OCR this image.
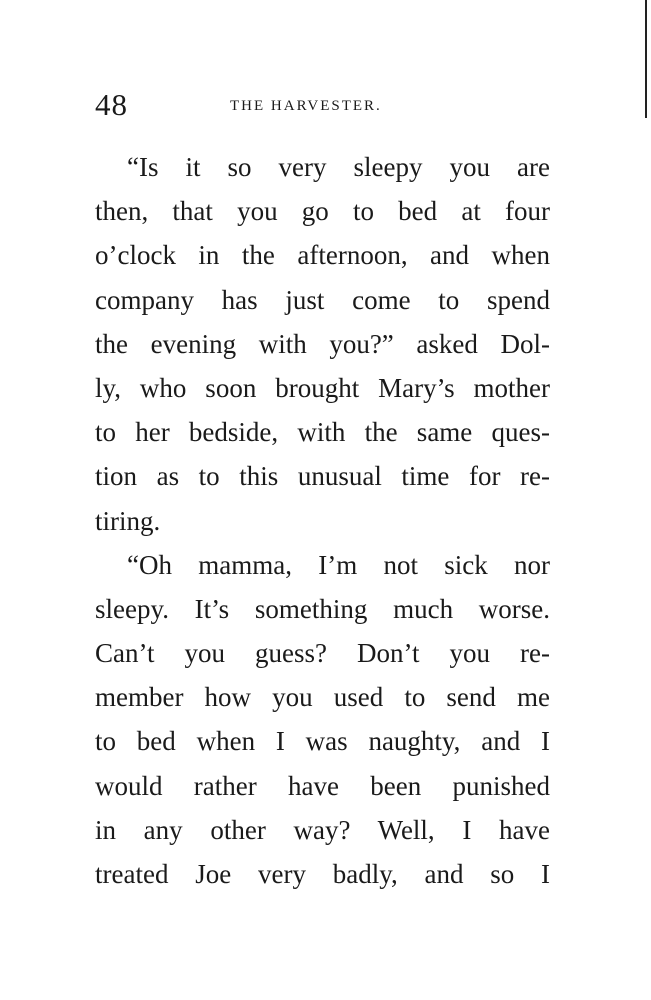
48	THE HARVESTER.
“Is it so very sleepy you are
then, that you go to bed at four
o’clock in the afternoon, and when
company has just come to spend
the evening with you?” asked Dol-
ly, who soon brought Mary’s mother
to her bedside, with the same ques-
tion as to this unusual time for re-
tiring.
“Oh mamma, I’m not sick nor
sleepy. It’s something much worse.
Can’t you guess? Don’t you re-
member how you used to send me
to bed when I was naughty, and I
would rather have been punished
in any other way? Well, I have
treated Joe very badly, and so I
